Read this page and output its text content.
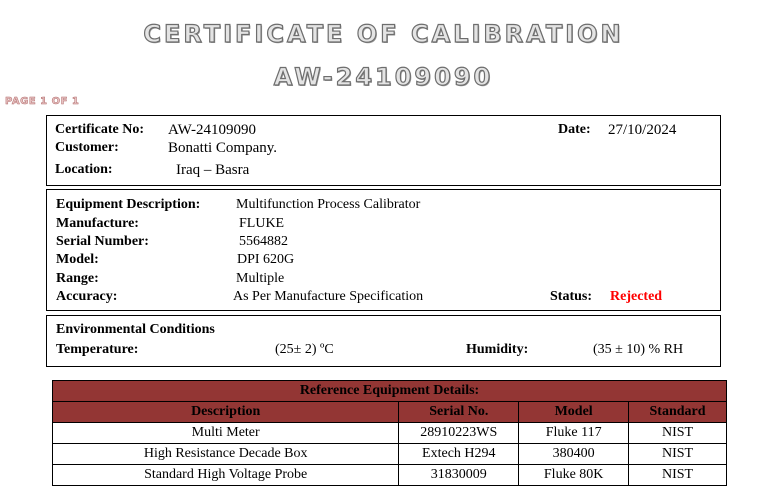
CERTIFICATE OF CALIBRATION
AW-24109090
PAGE 1 OF 1
Certificate No: AW-24109090	Date: 27/10/2024
Customer:	Bonatti Company.
Location:	Iraq – Basra
Equipment Description:	Multifunction Process Calibrator
Manufacture:	FLUKE
Serial Number:	5564882
Model:	DPI 620G
Range:	Multiple
Accuracy:	As Per Manufacture Specification	Status: Rejected
Environmental Conditions
Temperature:	(25± 2) ºC	Humidity:	(35 ± 10) % RH
Reference Equipment Details:			
Description	Serial No.	Model	Standard
Multi Meter	28910223WS	Fluke 117	NIST
High Resistance Decade Box	Extech H294	380400	NIST
Standard High Voltage Probe	31830009	Fluke 80K	NIST
